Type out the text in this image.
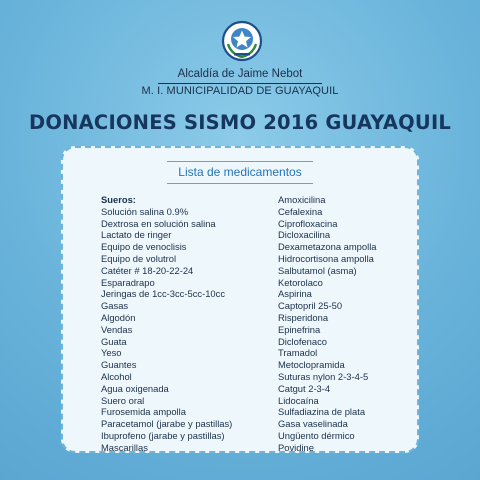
Alcaldía de Jaime Nebot
M. I. MUNICIPALIDAD DE GUAYAQUIL
DONACIONES SISMO 2016 GUAYAQUIL
Lista de medicamentos
Sueros:
Solución salina 0.9%
Dextrosa en solución salina
Lactato de ringer
Equipo de venoclisis
Equipo de volutrol
Catéter # 18-20-22-24
Esparadrapo
Jeringas de 1cc-3cc-5cc-10cc
Gasas
Algodón
Vendas
Guata
Yeso
Guantes
Alcohol
Agua oxigenada
Suero oral
Furosemida ampolla
Paracetamol (jarabe y pastillas)
Ibuprofeno (jarabe y pastillas)
Mascarillas
Amoxicilina
Cefalexina
Ciprofloxacina
Dicloxacilina
Dexametazona ampolla
Hidrocortisona ampolla
Salbutamol (asma)
Ketorolaco
Aspirina
Captopril 25-50
Risperidona
Epinefrina
Diclofenaco
Tramadol
Metoclopramida
Suturas nylon 2-3-4-5
Catgut 2-3-4
Lidocaína
Sulfadiazina de plata
Gasa vaselinada
Ungüento dérmico
Povidine
